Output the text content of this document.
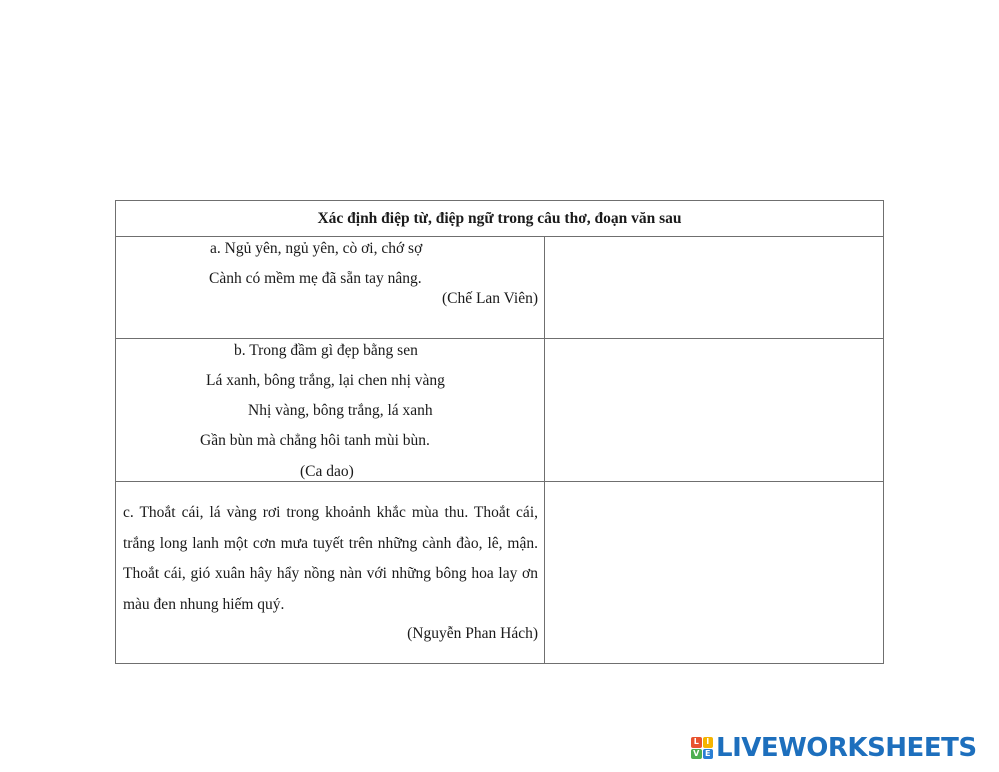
Xác định điệp từ, điệp ngữ trong câu thơ, đoạn văn sau
a. Ngủ yên, ngủ yên, cò ơi, chớ sợ
Cành có mềm mẹ đã sẵn tay nâng.
(Chế Lan Viên)
b. Trong đầm gì đẹp bằng sen
Lá xanh, bông trắng, lại chen nhị vàng
Nhị vàng, bông trắng, lá xanh
Gần bùn mà chẳng hôi tanh mùi bùn.
(Ca dao)
c. Thoắt cái, lá vàng rơi trong khoảnh khắc mùa thu. Thoắt cái, trắng long lanh một cơn mưa tuyết trên những cành đào, lê, mận. Thoắt cái, gió xuân hây hẩy nồng nàn với những bông hoa lay ơn màu đen nhung hiếm quý.
(Nguyễn Phan Hách)
L I
V E LIVEWORKSHEETS
